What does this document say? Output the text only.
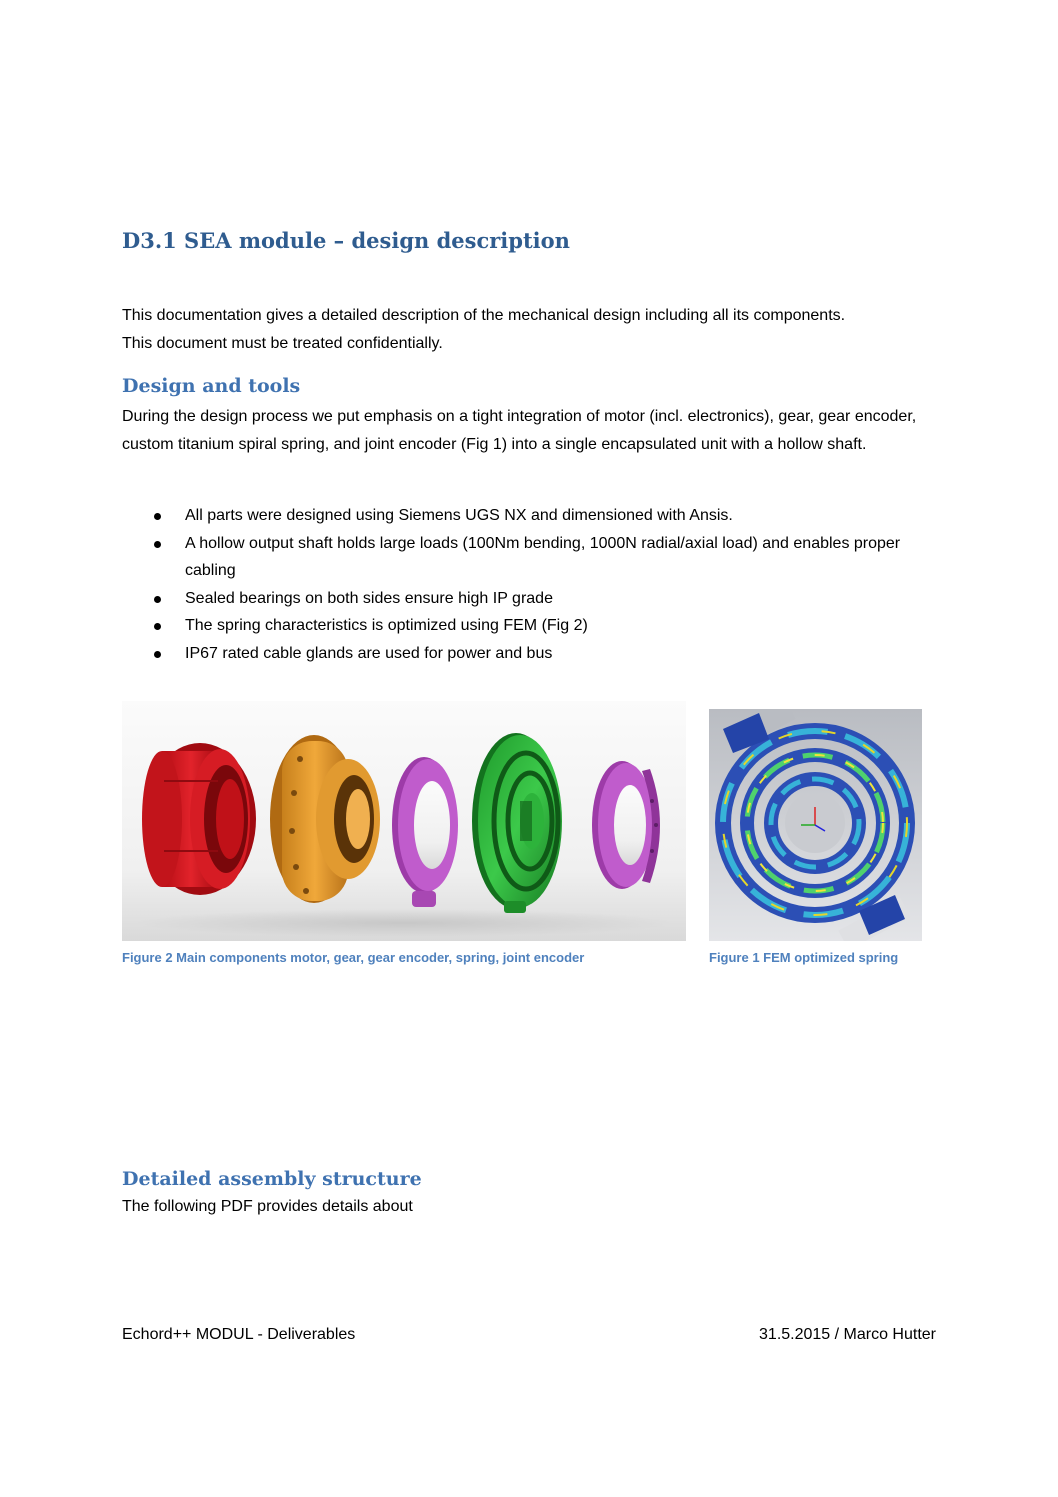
D3.1 SEA module – design description

This documentation gives a detailed description of the mechanical design including all its components.

This document must be treated confidentially.

Design and tools

During the design process we put emphasis on a tight integration of motor (incl. electronics), gear, gear encoder, custom titanium spiral spring, and joint encoder (Fig 1) into a single encapsulated unit with a hollow shaft.

All parts were designed using Siemens UGS NX and dimensioned with Ansis.
A hollow output shaft holds large loads (100Nm bending, 1000N radial/axial load) and enables proper cabling
Sealed bearings on both sides ensure high IP grade
The spring characteristics is optimized using FEM (Fig 2)
IP67 rated cable glands are used for power and bus
Figure 2 Main components motor, gear, gear encoder, spring, joint encoder	Figure 1 FEM optimized spring
Detailed assembly structure
The following PDF provides details about
Echord++ MODUL - Deliverables	31.5.2015 / Marco Hutter
